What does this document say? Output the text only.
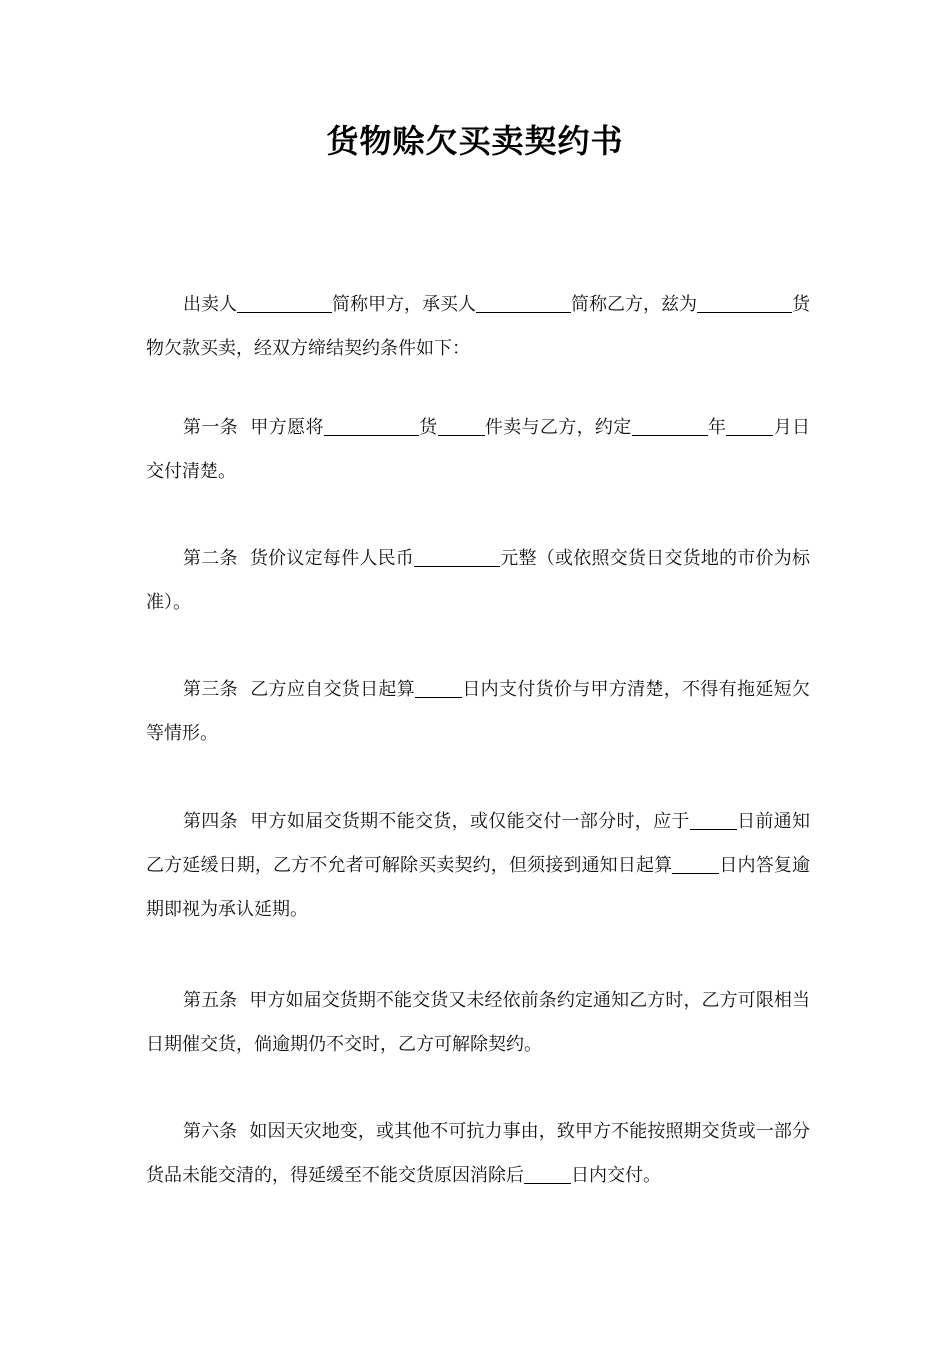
货物赊欠买卖契约书

出卖人	简称甲方，承买人	简称乙方，兹为	货物欠款买卖，经双方缔结契约条件如下：

第一条 甲方愿将	货	件卖与乙方，约定	年	月日交付清楚。

第二条 货价议定每件人民币	元整（或依照交货日交货地的市价为标准）。

第三条 乙方应自交货日起算	日内支付货价与甲方清楚，不得有拖延短欠等情形。

第四条 甲方如届交货期不能交货，或仅能交付一部分时，应于	日前通知乙方延缓日期，乙方不允者可解除买卖契约，但须接到通知日起算	日内答复逾期即视为承认延期。

第五条 甲方如届交货期不能交货又未经依前条约定通知乙方时，乙方可限相当日期催交货，倘逾期仍不交时，乙方可解除契约。

第六条 如因天灾地变，或其他不可抗力事由，致甲方不能按照期交货或一部分货品未能交清的，得延缓至不能交货原因消除后	日内交付。
